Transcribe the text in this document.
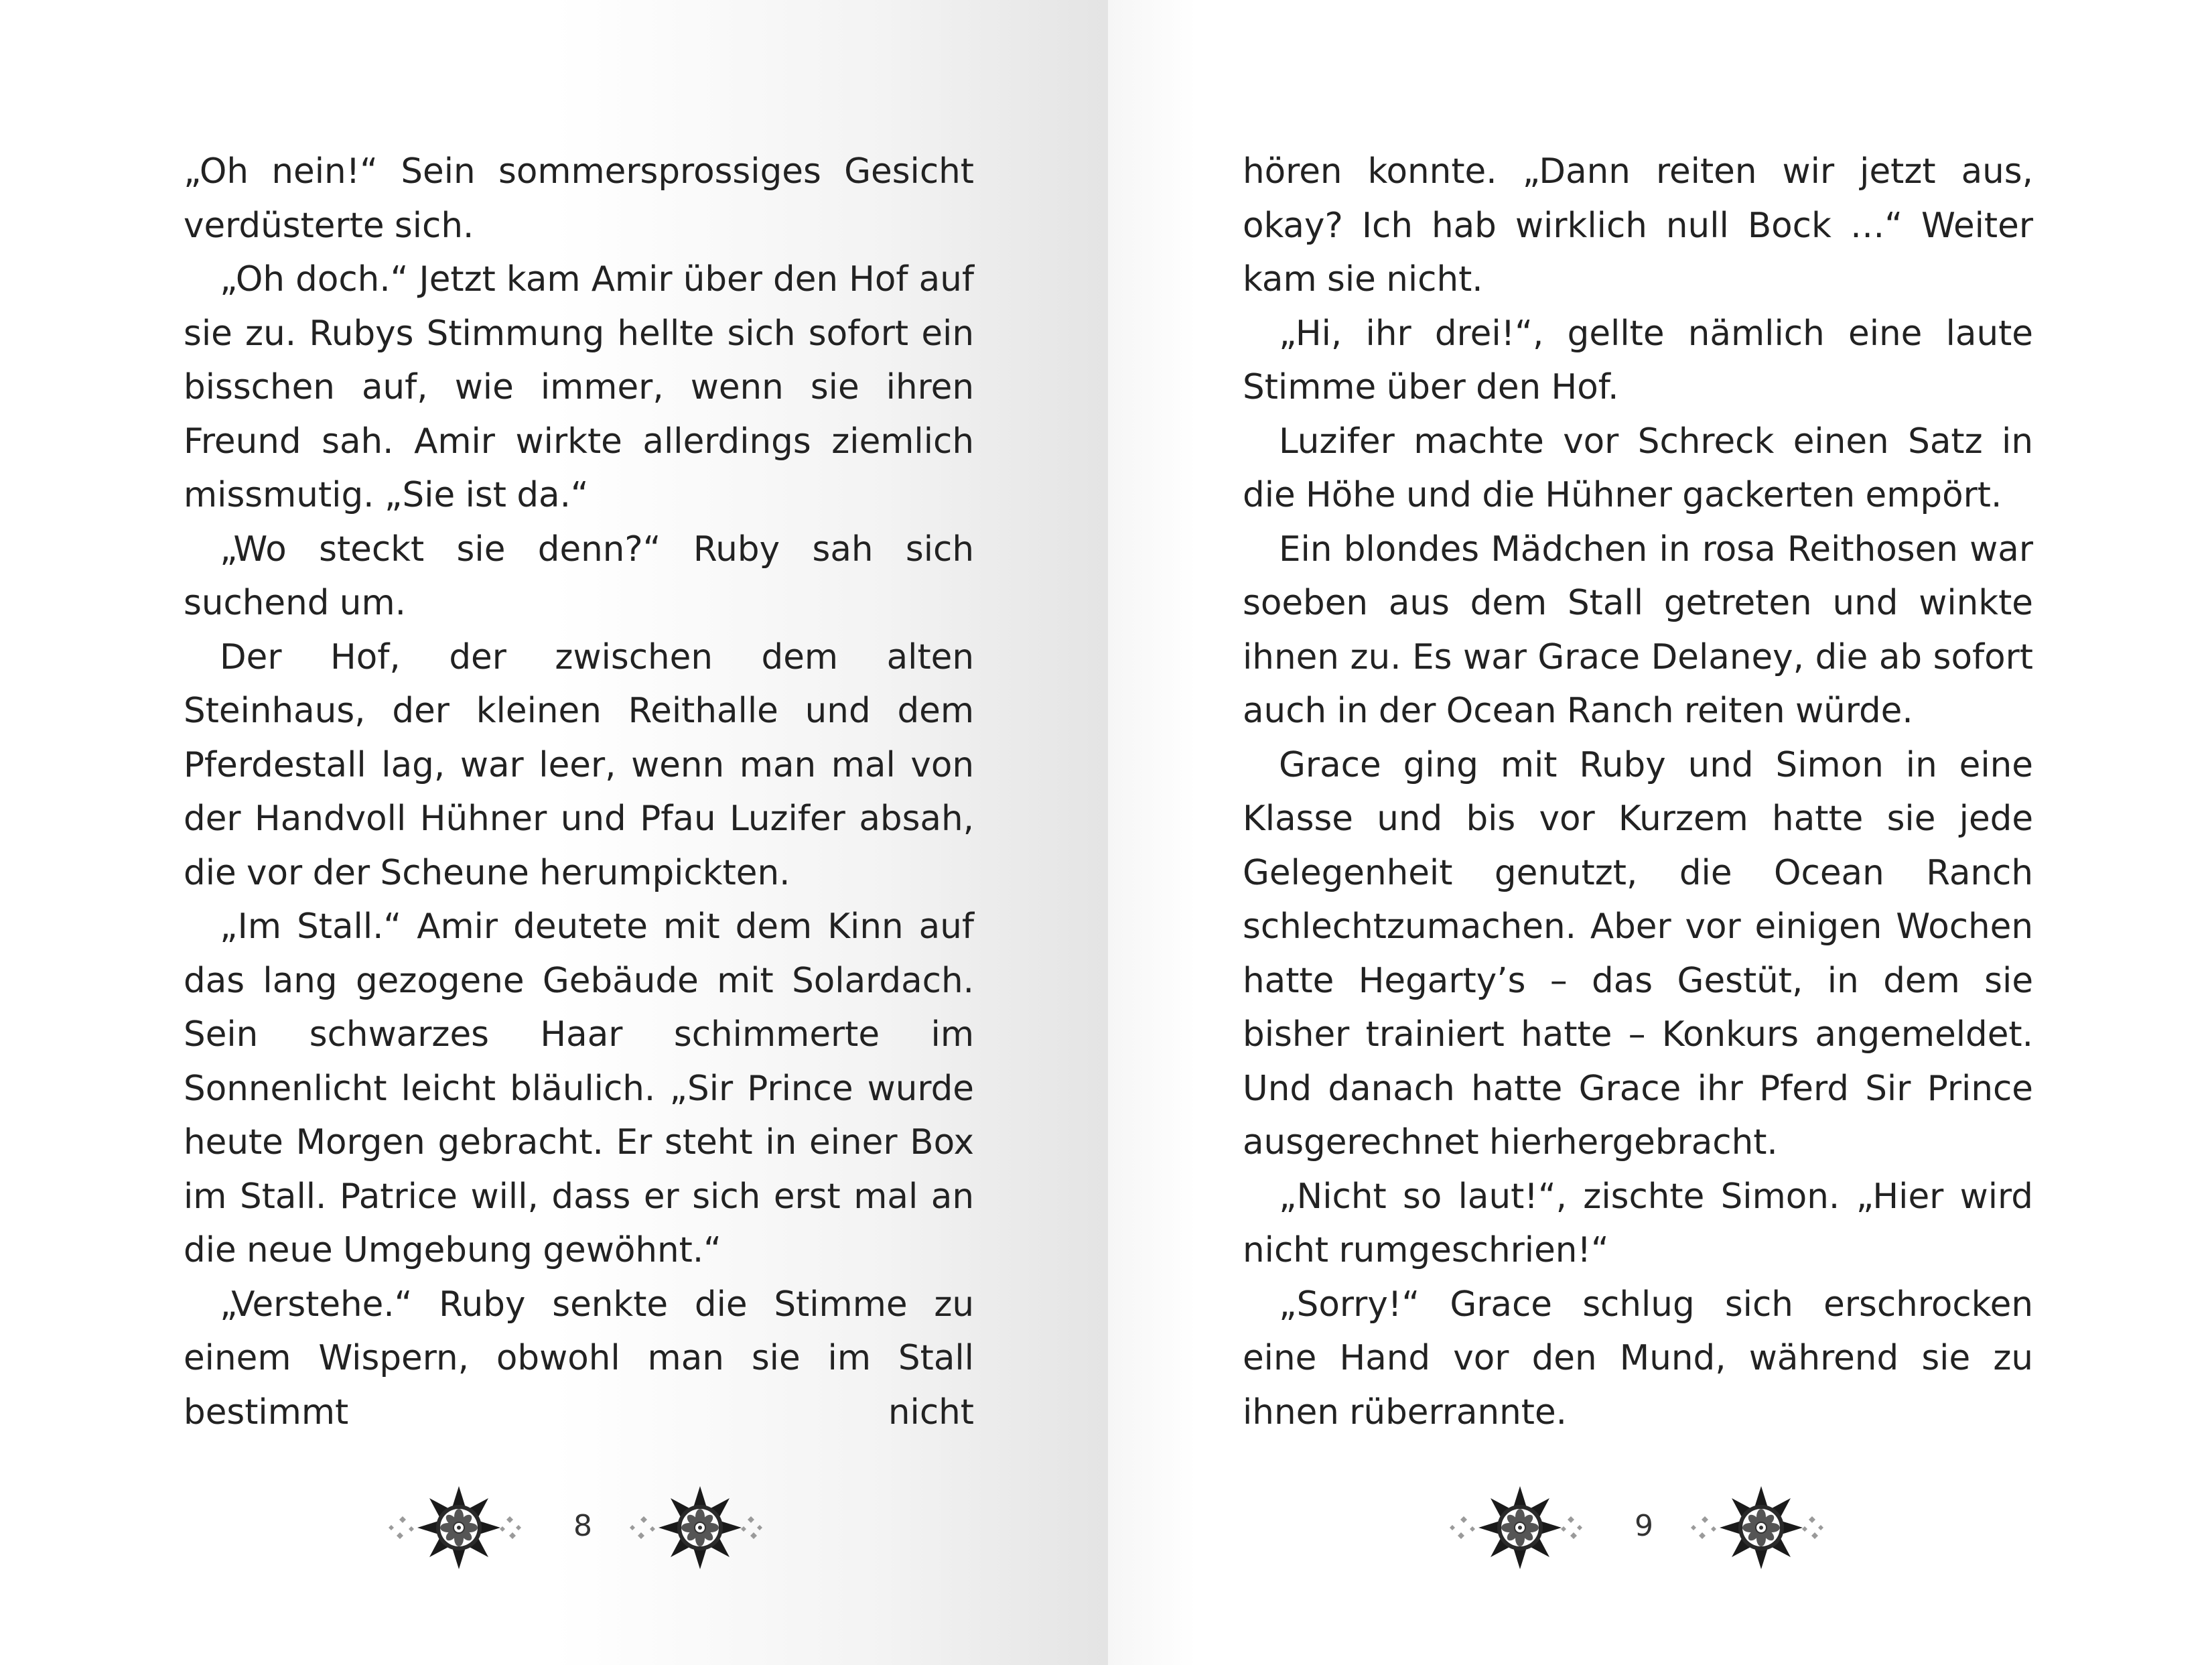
„Oh nein!“ Sein sommersprossiges Gesicht verdüsterte sich.

„Oh doch.“ Jetzt kam Amir über den Hof auf sie zu. Rubys Stimmung hellte sich sofort ein bisschen auf, wie immer, wenn sie ihren Freund sah. Amir wirkte allerdings ziemlich missmutig. „Sie ist da.“

„Wo steckt sie denn?“ Ruby sah sich suchend um.

Der Hof, der zwischen dem alten Steinhaus, der kleinen Reithalle und dem Pferdestall lag, war leer, wenn man mal von der Handvoll Hühner und Pfau Luzifer absah, die vor der Scheune herumpickten.

„Im Stall.“ Amir deutete mit dem Kinn auf das lang gezogene Gebäude mit Solardach. Sein schwarzes Haar schimmerte im Sonnenlicht leicht bläulich. „Sir Prince wurde heute Morgen gebracht. Er steht in einer Box im Stall. Patrice will, dass er sich erst mal an die neue Umgebung gewöhnt.“

„Verstehe.“ Ruby senkte die Stimme zu einem Wispern, obwohl man sie im Stall bestimmt nicht

8

hören konnte. „Dann reiten wir jetzt aus, okay? Ich hab wirklich null Bock …“ Weiter kam sie nicht.

„Hi, ihr drei!“, gellte nämlich eine laute Stimme über den Hof.

Luzifer machte vor Schreck einen Satz in die Höhe und die Hühner gackerten empört.

Ein blondes Mädchen in rosa Reithosen war soeben aus dem Stall getreten und winkte ihnen zu. Es war Grace Delaney, die ab sofort auch in der Ocean Ranch reiten würde.

Grace ging mit Ruby und Simon in eine Klasse und bis vor Kurzem hatte sie jede Gelegenheit genutzt, die Ocean Ranch schlechtzumachen. Aber vor einigen Wochen hatte Hegarty’s – das Gestüt, in dem sie bisher trainiert hatte – Konkurs angemeldet. Und danach hatte Grace ihr Pferd Sir Prince ausgerechnet hierhergebracht.

„Nicht so laut!“, zischte Simon. „Hier wird nicht rumgeschrien!“

„Sorry!“ Grace schlug sich erschrocken eine Hand vor den Mund, während sie zu ihnen rüberrannte.

9
